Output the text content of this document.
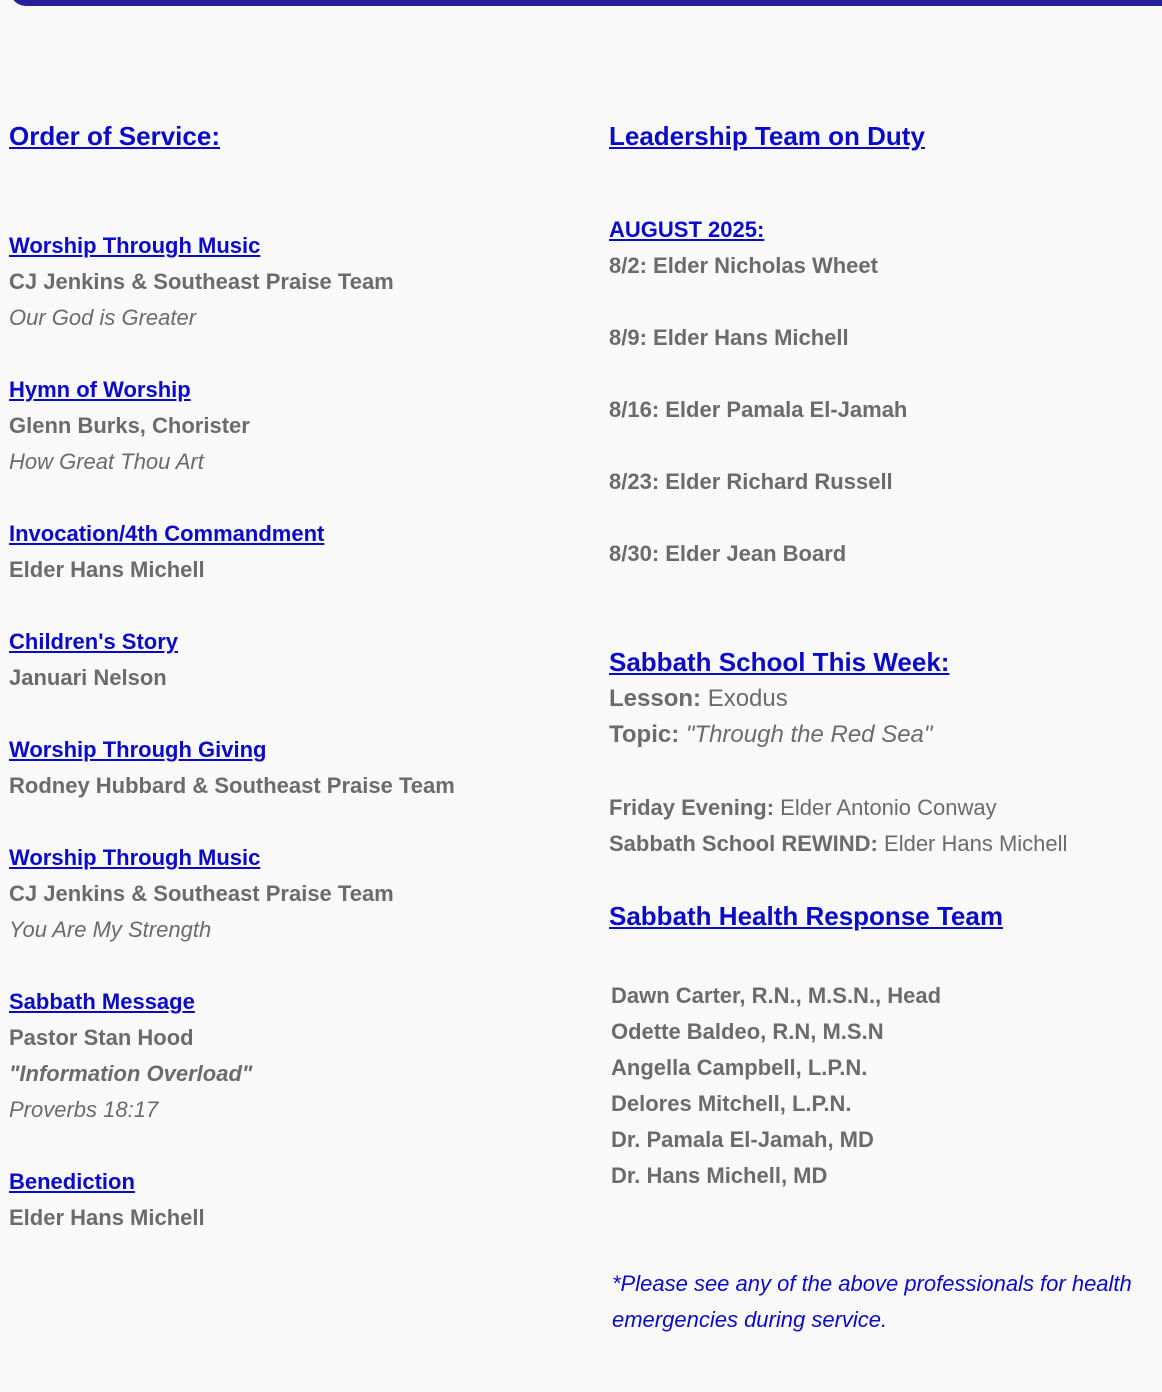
Order of Service:
Worship Through Music
CJ Jenkins & Southeast Praise Team
Our God is Greater
Hymn of Worship
Glenn Burks, Chorister
How Great Thou Art
Invocation/4th Commandment
Elder Hans Michell
Children's Story
Januari Nelson
Worship Through Giving
Rodney Hubbard & Southeast Praise Team
Worship Through Music
CJ Jenkins & Southeast Praise Team
You Are My Strength
Sabbath Message
Pastor Stan Hood
"Information Overload"
Proverbs 18:17
Benediction
Elder Hans Michell
Leadership Team on Duty
AUGUST 2025:
8/2: Elder Nicholas Wheet
8/9: Elder Hans Michell
8/16: Elder Pamala El-Jamah
8/23: Elder Richard Russell
8/30: Elder Jean Board
Sabbath School This Week:
Lesson: Exodus
Topic: "Through the Red Sea"
Friday Evening: Elder Antonio Conway
Sabbath School REWIND: Elder Hans Michell
Sabbath Health Response Team
Dawn Carter, R.N., M.S.N., Head
Odette Baldeo, R.N, M.S.N
Angella Campbell, L.P.N.
Delores Mitchell, L.P.N.
Dr. Pamala El-Jamah, MD
Dr. Hans Michell, MD
*Please see any of the above professionals for health emergencies during service.
